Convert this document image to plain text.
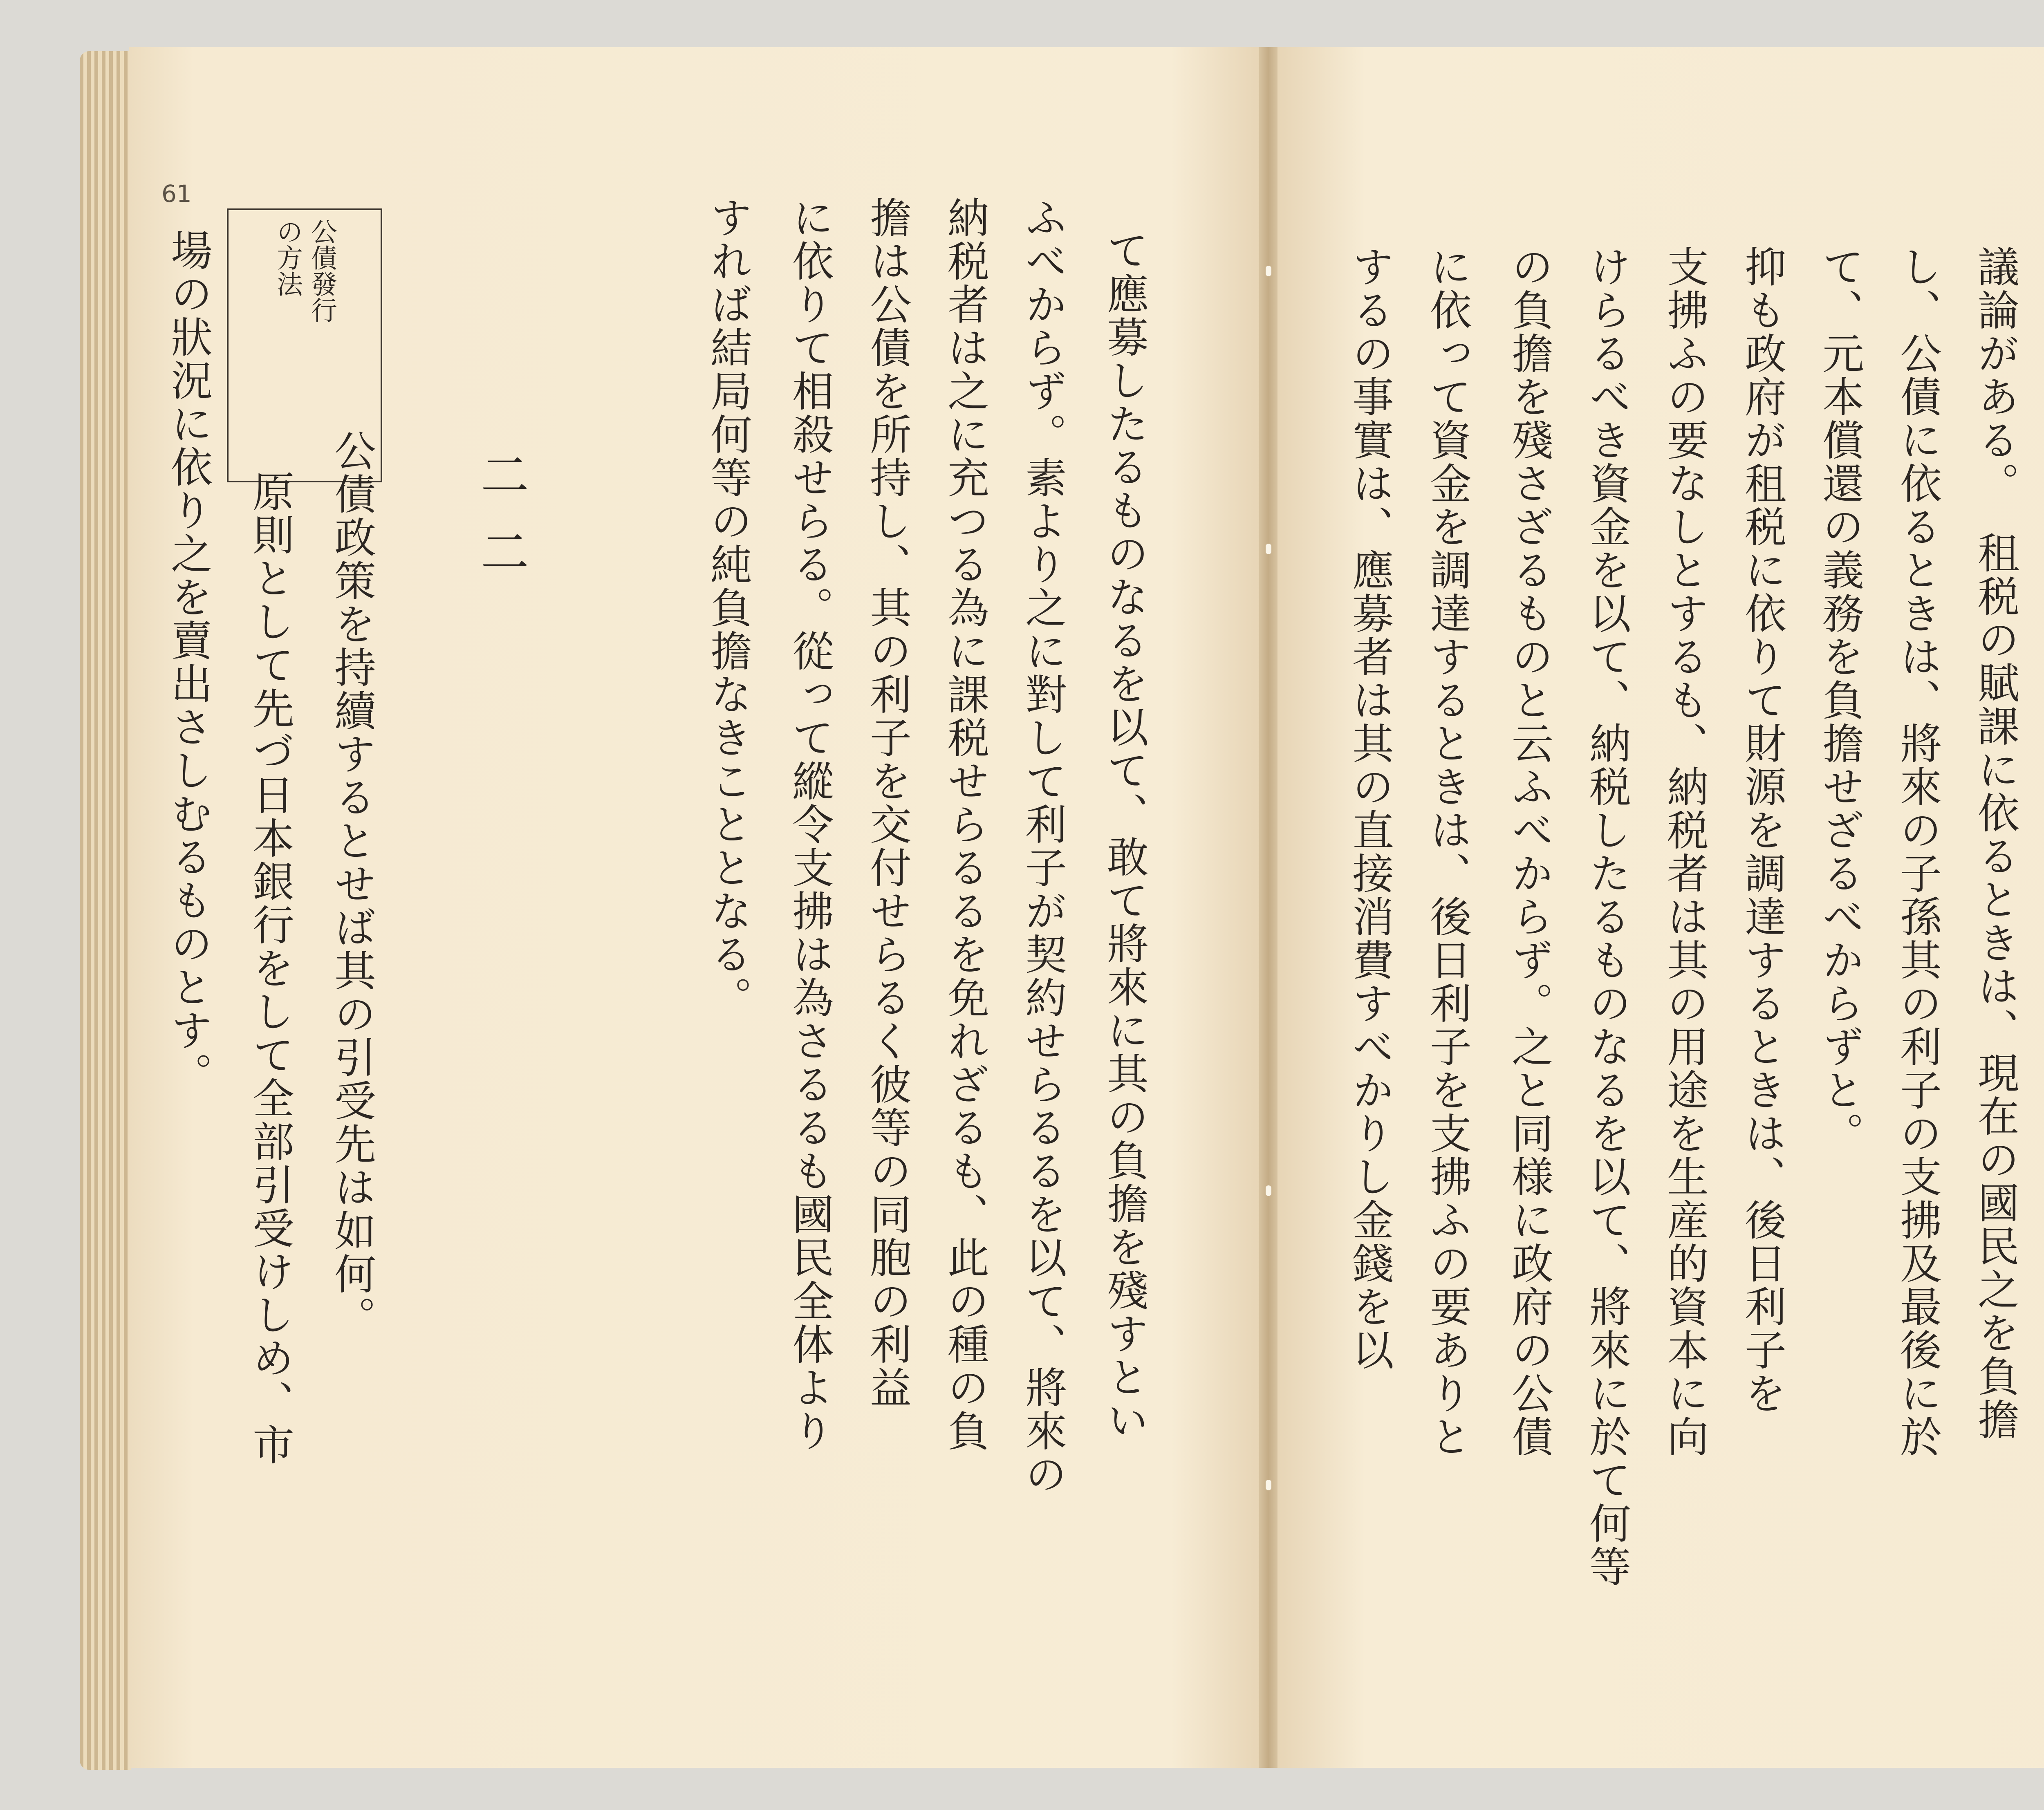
61
公債發行
の方法
二二	て應募したるものなるを以て、敢て將來に其の負擔を殘すとい
ふべからず。素より之に對して利子が契約せらるるを以て、將來の
納税者は之に充つる為に課税せらるるを免れざるも、此の種の負
擔は公債を所持し、其の利子を交付せらるく彼等の同胞の利益
に依りて相殺せらる。從って縱令支拂は為さるるも國民全体より
すれば結局何等の純負擔なきこととなる。
公債政策を持續するとせば其の引受先は如何。
原則として先づ日本銀行をして全部引受けしめ、市
場の狀況に依り之を賣出さしむるものとす。	議論がある。
租税の賦課に依るときは、現在の國民之を負擔
し、公債に依るときは、將來の子孫其の利子の支拂及最後に於
て、元本償還の義務を負擔せざるべからずと。
抑も政府が租税に依りて財源を調達するときは、後日利子を
支拂ふの要なしとするも、納税者は其の用途を生産的資本に向
けらるべき資金を以て、納税したるものなるを以て、將來に於て何等
の負擔を殘さざるものと云ふべからず。之と同様に政府の公債
に依って資金を調達するときは、後日利子を支拂ふの要ありと
するの事實は、應募者は其の直接消費すべかりし金錢を以
